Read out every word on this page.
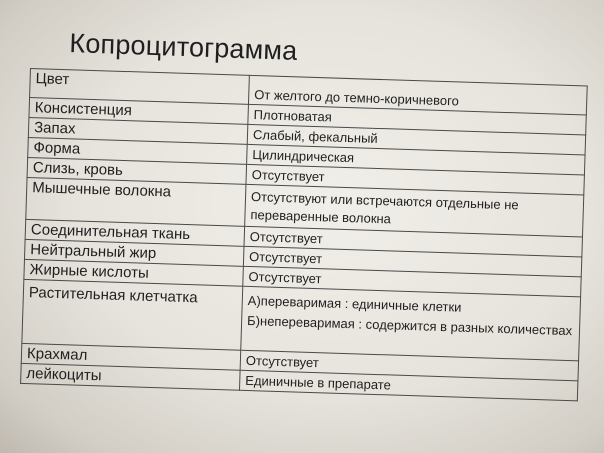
Копроцитограмма
Цвет	От желтого до темно-коричневого
Консистенция	Плотноватая
Запах	Слабый, фекальный
Форма	Цилиндрическая
Слизь, кровь	Отсутствует
Мышечные волокна	Отсутствуют или встречаются отдельные не переваренные волокна
Соединительная ткань	Отсутствует
Нейтральный жир	Отсутствует
Жирные кислоты	Отсутствует
Растительная клетчатка	А)переваримая : единичные клетки
Б)непереваримая : содержится в разных количествах

Крахмал	Отсутствует
лейкоциты	Единичные в препарате
